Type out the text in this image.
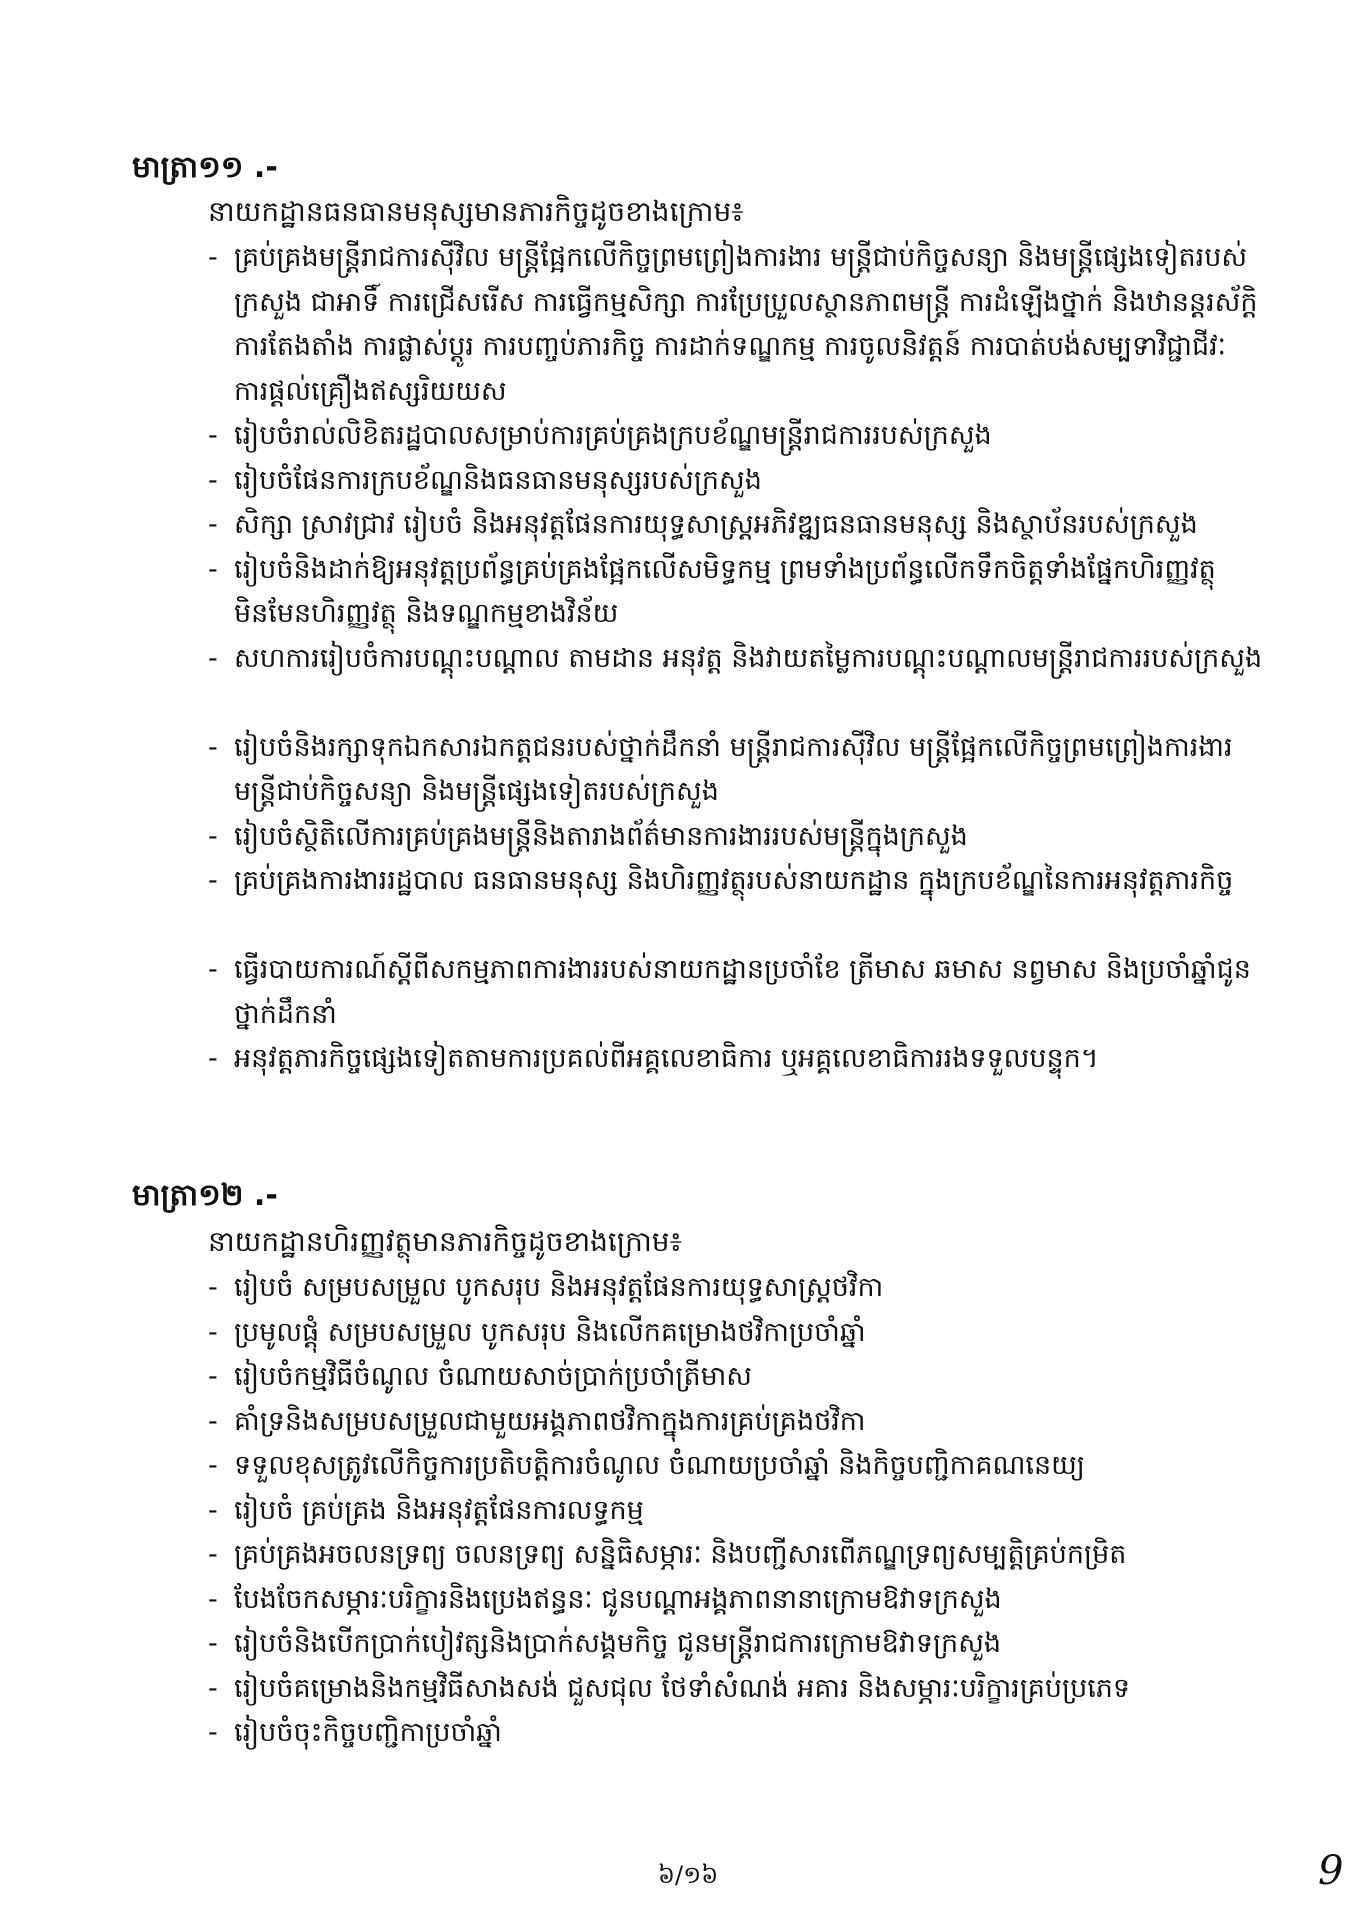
មាត្រា១១ .-
នាយកដ្ឋានធនធានមនុស្សមានភារកិច្ចដូចខាងក្រោម៖
- គ្រប់គ្រងមន្ត្រីរាជការស៊ីវិល មន្ត្រីផ្អែកលើកិច្ចព្រមព្រៀងការងារ មន្ត្រីជាប់កិច្ចសន្យា និងមន្ត្រីផ្សេងទៀតរបស់ក្រសួង ជាអាទិ៍ ការជ្រើសរើស ការធ្វើកម្មសិក្សា ការប្រែប្រួលស្ថានភាពមន្ត្រី ការដំឡើងថ្នាក់ និងឋានន្តរស័ក្តិ ការតែងតាំង ការផ្លាស់ប្តូរ ការបញ្ចប់ភារកិច្ច ការដាក់ទណ្ឌកម្ម ការចូលនិវត្តន៍ ការបាត់បង់សម្បទាវិជ្ជាជីវៈ ការផ្តល់គ្រឿងឥស្សរិយយស
- រៀបចំរាល់លិខិតរដ្ឋបាលសម្រាប់ការគ្រប់គ្រងក្របខ័ណ្ឌមន្ត្រីរាជការរបស់ក្រសួង
- រៀបចំផែនការក្របខ័ណ្ឌនិងធនធានមនុស្សរបស់ក្រសួង
- សិក្សា ស្រាវជ្រាវ រៀបចំ និងអនុវត្តផែនការយុទ្ធសាស្ត្រអភិវឌ្ឍធនធានមនុស្ស និងស្ថាប័នរបស់ក្រសួង
- រៀបចំនិងដាក់ឱ្យអនុវត្តប្រព័ន្ធគ្រប់គ្រងផ្អែកលើសមិទ្ធកម្ម ព្រមទាំងប្រព័ន្ធលើកទឹកចិត្តទាំងផ្នែកហិរញ្ញវត្ថុ មិនមែនហិរញ្ញវត្ថុ និងទណ្ឌកម្មខាងវិន័យ
- សហការរៀបចំការបណ្តុះបណ្តាល តាមដាន អនុវត្ត និងវាយតម្លៃការបណ្តុះបណ្តាលមន្ត្រីរាជការរបស់ក្រសួង
- រៀបចំនិងរក្សាទុកឯកសារឯកត្តជនរបស់ថ្នាក់ដឹកនាំ មន្ត្រីរាជការស៊ីវិល មន្ត្រីផ្អែកលើកិច្ចព្រមព្រៀងការងារ មន្ត្រីជាប់កិច្ចសន្យា និងមន្ត្រីផ្សេងទៀតរបស់ក្រសួង
- រៀបចំស្ថិតិលើការគ្រប់គ្រងមន្ត្រីនិងតារាងព័ត៌មានការងាររបស់មន្ត្រីក្នុងក្រសួង
- គ្រប់គ្រងការងាររដ្ឋបាល ធនធានមនុស្ស និងហិរញ្ញវត្ថុរបស់នាយកដ្ឋាន ក្នុងក្របខ័ណ្ឌនៃការអនុវត្តភារកិច្ច
- ធ្វើរបាយការណ៍ស្តីពីសកម្មភាពការងាររបស់នាយកដ្ឋានប្រចាំខែ ត្រីមាស ឆមាស នព្វមាស និងប្រចាំឆ្នាំជូនថ្នាក់ដឹកនាំ
- អនុវត្តភារកិច្ចផ្សេងទៀតតាមការប្រគល់ពីអគ្គលេខាធិការ ឬអគ្គលេខាធិការរងទទួលបន្ទុក។
មាត្រា១២ .-
នាយកដ្ឋានហិរញ្ញវត្ថុមានភារកិច្ចដូចខាងក្រោម៖
- រៀបចំ សម្របសម្រួល បូកសរុប និងអនុវត្តផែនការយុទ្ធសាស្ត្រថវិកា
- ប្រមូលផ្តុំ សម្របសម្រួល បូកសរុប និងលើកគម្រោងថវិកាប្រចាំឆ្នាំ
- រៀបចំកម្មវិធីចំណូល ចំណាយសាច់ប្រាក់ប្រចាំត្រីមាស
- គាំទ្រនិងសម្របសម្រួលជាមួយអង្គភាពថវិកាក្នុងការគ្រប់គ្រងថវិកា
- ទទួលខុសត្រូវលើកិច្ចការប្រតិបត្តិការចំណូល ចំណាយប្រចាំឆ្នាំ និងកិច្ចបញ្ជិកាគណនេយ្យ
- រៀបចំ គ្រប់គ្រង និងអនុវត្តផែនការលទ្ធកម្ម
- គ្រប់គ្រងអចលនទ្រព្យ ចលនទ្រព្យ សន្និធិសម្ភារៈ និងបញ្ជីសារពើភណ្ឌទ្រព្យសម្បត្តិគ្រប់កម្រិត
- បែងចែកសម្ភារៈបរិក្ខារនិងប្រេងឥន្ធនៈ ជូនបណ្តាអង្គភាពនានាក្រោមឱវាទក្រសួង
- រៀបចំនិងបើកប្រាក់បៀវត្សនិងប្រាក់សង្គមកិច្ច ជូនមន្ត្រីរាជការក្រោមឱវាទក្រសួង
- រៀបចំគម្រោងនិងកម្មវិធីសាងសង់ ជួសជុល ថែទាំសំណង់ អគារ និងសម្ភារៈបរិក្ខារគ្រប់ប្រភេទ
- រៀបចំចុះកិច្ចបញ្ជិកាប្រចាំឆ្នាំ
៦/១៦	9
